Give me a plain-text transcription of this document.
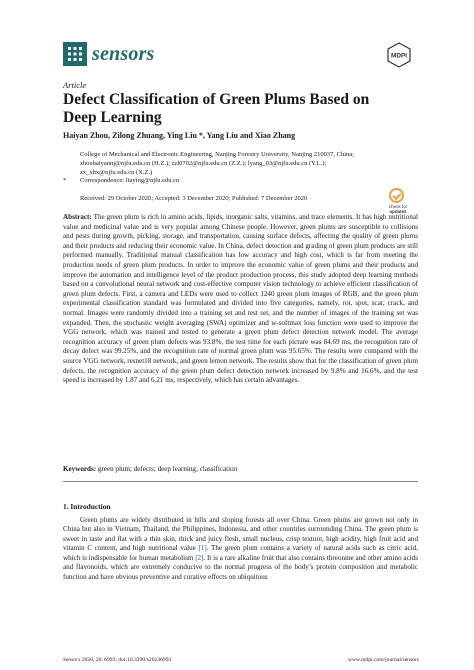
sensors	MDPI
Article
Defect Classification of Green Plums Based on Deep Learning
Haiyan Zhou, Zilong Zhuang, Ying Liu *, Yang Liu and Xiao Zhang
College of Mechanical and Electronic Engineering, Nanjing Forestry University, Nanjing 210037, China;
zhouhaiyannj@njfu.edu.cn (H.Z.); zzl0702@njfu.edu.cn (Z.Z.); lyang_03@njfu.edu.cn (Y.L.);
zx_xhx@njfu.edu.cn (X.Z.)
* Correspondence: liuying@njfu.edu.cn
Received: 29 October 2020; Accepted: 3 December 2020; Published: 7 December 2020
check for
updates
Abstract: The green plum is rich in amino acids, lipids, inorganic salts, vitamins, and trace elements. It has high nutritional value and medicinal value and is very popular among Chinese people. However, green plums are susceptible to collisions and pests during growth, picking, storage, and transportation, causing surface defects, affecting the quality of green plums and their products and reducing their economic value. In China, defect detection and grading of green plum products are still performed manually. Traditional manual classification has low accuracy and high cost, which is far from meeting the production needs of green plum products. In order to improve the economic value of green plums and their products and improve the automation and intelligence level of the product production process, this study adopted deep learning methods based on a convolutional neural network and cost-effective computer vision technology to achieve efficient classification of green plum defects. First, a camera and LEDs were used to collect 1240 green plum images of RGB, and the green plum experimental classification standard was formulated and divided into five categories, namely, rot, spot, scar, crack, and normal. Images were randomly divided into a training set and test set, and the number of images of the training set was expanded. Then, the stochastic weight averaging (SWA) optimizer and w-softmax loss function were used to improve the VGG network, which was trained and tested to generate a green plum defect detection network model. The average recognition accuracy of green plum defects was 93.8%, the test time for each picture was 84.69 ms, the recognition rate of decay defect was 99.25%, and the recognition rate of normal green plum was 95.65%. The results were compared with the source VGG network, resnet18 network, and green lemon network. The results show that for the classification of green plum defects, the recognition accuracy of the green plum defect detection network increased by 9.8% and 16.6%, and the test speed is increased by 1.87 and 6.21 ms, respectively, which has certain advantages.
Keywords: green plum; defects; deep learning; classification
1. Introduction
Green plums are widely distributed in hills and sloping forests all over China. Green plums are grown not only in China but also in Vietnam, Thailand, the Philippines, Indonesia, and other countries surrounding China. The green plum is sweet in taste and flat with a thin skin, thick and juicy flesh, small nucleus, crisp texture, high acidity, high fruit acid and vitamin C content, and high nutritional value [1]. The green plum contains a variety of natural acids such as citric acid, which is indispensable for human metabolism [2]. It is a rare alkaline fruit that also contains threonine and other amino acids and flavonoids, which are extremely conducive to the normal progress of the body’s protein composition and metabolic function and have obvious preventive and curative effects on ubiquitous
Sensors 2020, 20, 6993; doi:10.3390/s20236993	www.mdpi.com/journal/sensors
